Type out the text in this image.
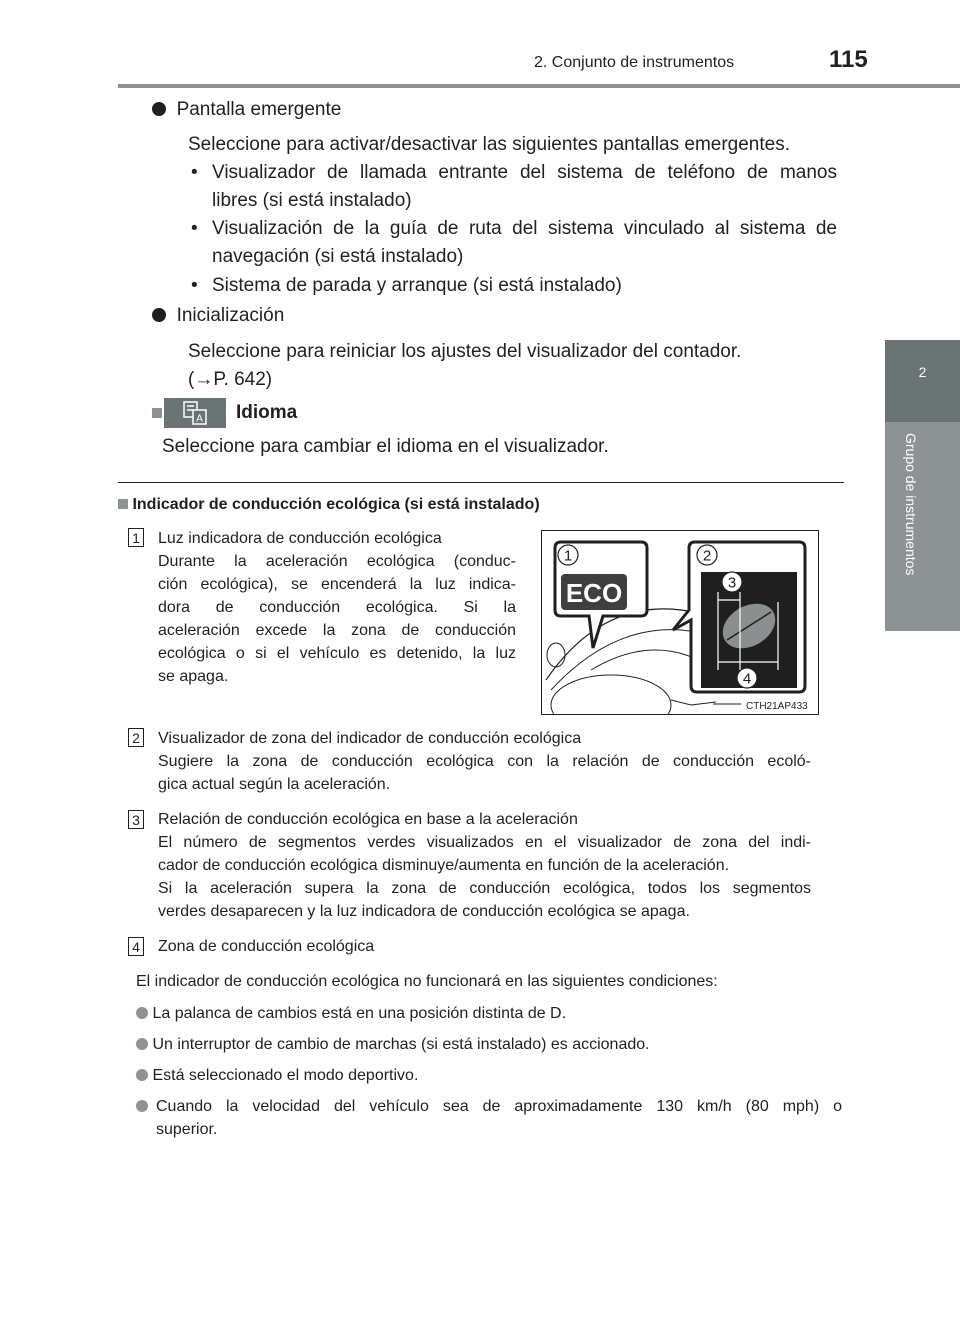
2. Conjunto de instrumentos	115
2
Grupo de instrumentos
Pantalla emergente
Seleccione para activar/desactivar las siguientes pantallas emergentes.
• Visualizador de llamada entrante del sistema de teléfono de manos
libres (si está instalado)
• Visualización de la guía de ruta del sistema vinculado al sistema de
navegación (si está instalado)
• Sistema de parada y arranque (si está instalado)
Inicialización
Seleccione para reiniciar los ajustes del visualizador del contador.
(→P. 642)
A Idioma
Seleccione para cambiar el idioma en el visualizador.
Indicador de conducción ecológica (si está instalado)
1 Luz indicadora de conducción ecológica
Durante la aceleración ecológica (conduc-
ción ecológica), se encenderá la luz indica-
dora de conducción ecológica. Si la
aceleración excede la zona de conducción
ecológica o si el vehículo es detenido, la luz
se apaga.
1
ECO
2
3
4
CTH21AP433
2 Visualizador de zona del indicador de conducción ecológica
Sugiere la zona de conducción ecológica con la relación de conducción ecoló-
gica actual según la aceleración.
3 Relación de conducción ecológica en base a la aceleración
El número de segmentos verdes visualizados en el visualizador de zona del indi-
cador de conducción ecológica disminuye/aumenta en función de la aceleración.
Si la aceleración supera la zona de conducción ecológica, todos los segmentos
verdes desaparecen y la luz indicadora de conducción ecológica se apaga.
4 Zona de conducción ecológica
El indicador de conducción ecológica no funcionará en las siguientes condiciones:
La palanca de cambios está en una posición distinta de D.
Un interruptor de cambio de marchas (si está instalado) es accionado.
Está seleccionado el modo deportivo.
Cuando la velocidad del vehículo sea de aproximadamente 130 km/h (80 mph) o
superior.
